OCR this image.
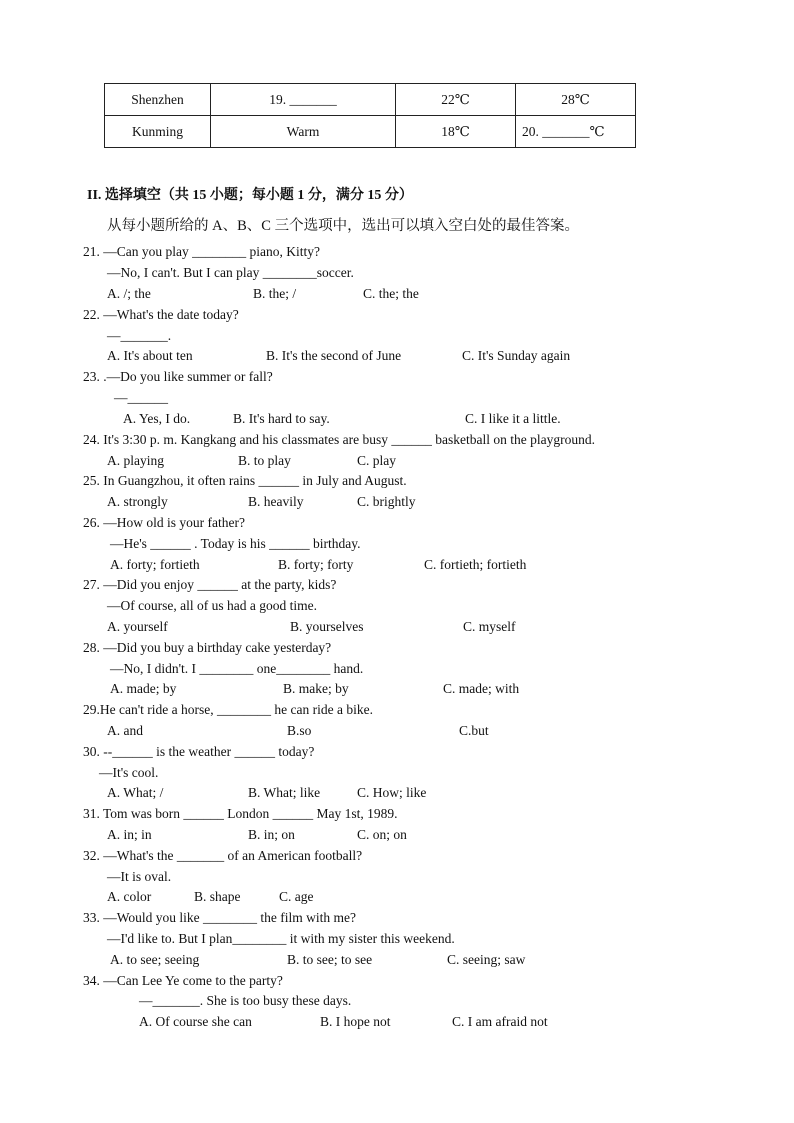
Shenzhen	19. _______	22℃	28℃
Kunming	Warm	18℃	20. _______℃
II. 选择填空（共 15 小题；每小题 1 分，满分 15 分）
从每小题所给的 A、B、C 三个选项中，选出可以填入空白处的最佳答案。
21. —Can you play ________ piano, Kitty?
—No, I can't. But I can play ________soccer.
A. /; the	B. the; /	C. the; the
22. —What's the date today?
—_______.
A. It's about ten	B. It's the second of June	C. It's Sunday again
23. .—Do you like summer or fall?
—______
A. Yes, I do.	B. It's hard to say.	C. I like it a little.
24. It's 3:30 p. m. Kangkang and his classmates are busy ______ basketball on the playground.
A. playing	B. to play	C. play
25. In Guangzhou, it often rains ______ in July and August.
A. strongly	B. heavily	C. brightly
26. —How old is your father?
—He's ______ . Today is his ______ birthday.
A. forty; fortieth	B. forty; forty	C. fortieth; fortieth
27. —Did you enjoy ______ at the party, kids?
—Of course, all of us had a good time.
A. yourself	B. yourselves	C. myself
28. —Did you buy a birthday cake yesterday?
—No, I didn't. I ________ one________ hand.
A. made; by	B. make; by	C. made; with
29.He can't ride a horse, ________ he can ride a bike.
A. and	B.so	C.but
30. --______ is the weather ______ today?
—It's cool.
A. What; /	B. What; like	C. How; like
31. Tom was born ______ London ______ May 1st, 1989.
A. in; in	B. in; on	C. on; on
32. —What's the _______ of an American football?
—It is oval.
A. color	B. shape	C. age
33. —Would you like ________ the film with me?
—I'd like to. But I plan________ it with my sister this weekend.
A. to see; seeing	B. to see; to see	C. seeing; saw
34. —Can Lee Ye come to the party?
—_______. She is too busy these days.
A. Of course she can	B. I hope not	C. I am afraid not
